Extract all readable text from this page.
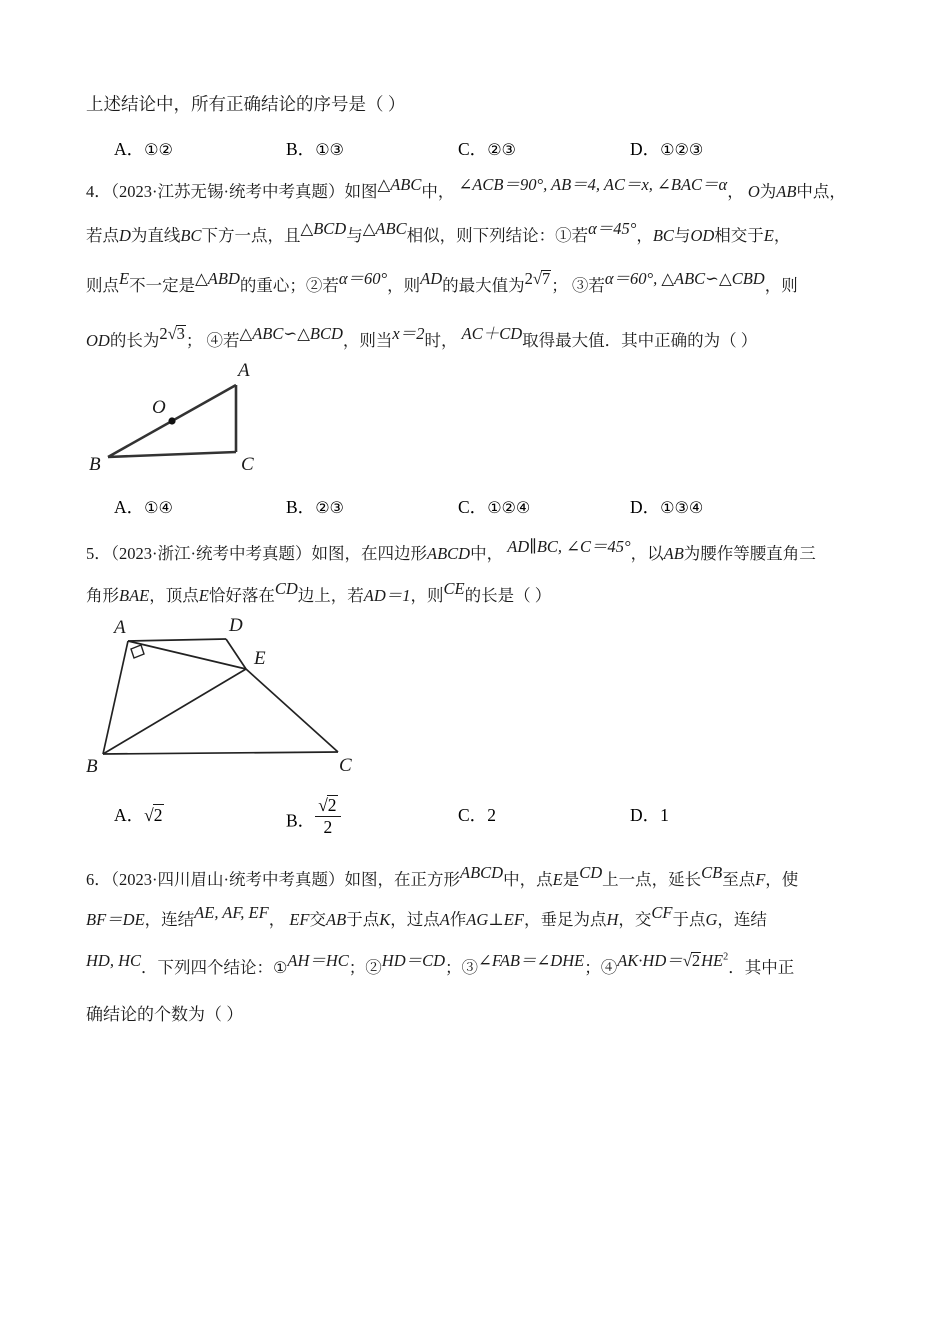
上述结论中，所有正确结论的序号是（ ）
A．①②	B．①③	C．②③	D．①②③
4．（2023·江苏无锡·统考中考真题）如图△ABC中， ∠ACB＝90°, AB＝4, AC＝x, ∠BAC＝α， O为AB中点，
若点D为直线BC下方一点，且△BCD与△ABC相似，则下列结论：①若α＝45°，BC与OD相交于E，
则点E不一定是△ABD的重心；②若α＝60°，则AD的最大值为2√7； ③若α＝60°, △ABC∽△CBD，则
OD的长为2√3； ④若△ABC∽△BCD，则当x＝2时， AC＋CD取得最大值．其中正确的为（ ）
A
B	C
O
A．①④	B．②③	C．①②④	D．①③④
5．（2023·浙江·统考中考真题）如图，在四边形ABCD中， AD∥BC, ∠C＝45°，以AB为腰作等腰直角三
角形BAE，顶点E恰好落在CD边上，若AD＝1，则CE的长是（ ）
A	D
E
B	C
A．√2	B． $\frac{√2}{2}$	C．2	D．1
6．（2023·四川眉山·统考中考真题）如图，在正方形ABCD中，点E是CD上一点，延长CB至点F，使
BF＝DE，连结AE, AF, EF， EF交AB于点K，过点A作AG⊥EF，垂足为点H，交CF于点G，连结
HD, HC．下列四个结论：①AH＝HC；②HD＝CD；③∠FAB＝∠DHE；$④AK\cdot HD=√2HE^2$．其中正
确结论的个数为（ ）
